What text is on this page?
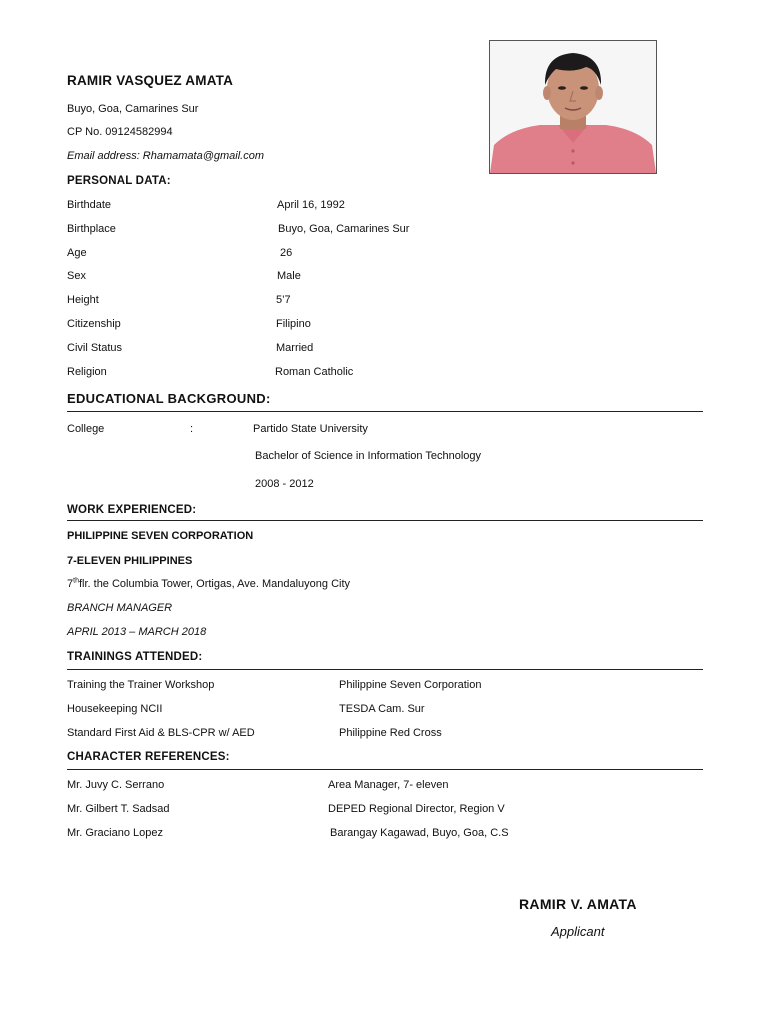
RAMIR VASQUEZ AMATA
Buyo, Goa, Camarines Sur
CP No. 09124582994
Email address: Rhamamata@gmail.com
PERSONAL DATA:
Birthdate	April 16, 1992
Birthplace	Buyo, Goa, Camarines Sur
Age	26
Sex	Male
Height	5’7
Citizenship	Filipino
Civil Status	Married
Religion	Roman Catholic
EDUCATIONAL BACKGROUND:
College	:	Partido State University
Bachelor of Science in Information Technology
2008 - 2012
WORK EXPERIENCED:
PHILIPPINE SEVEN CORPORATION
7-ELEVEN PHILIPPINES
7thflr. the Columbia Tower, Ortigas, Ave. Mandaluyong City
BRANCH MANAGER
APRIL 2013 – MARCH 2018
TRAININGS ATTENDED:
Training the Trainer Workshop	Philippine Seven Corporation
Housekeeping NCII	TESDA Cam. Sur
Standard First Aid & BLS-CPR w/ AED	Philippine Red Cross
CHARACTER REFERENCES:
Mr. Juvy C. Serrano	Area Manager, 7- eleven
Mr. Gilbert T. Sadsad	DEPED Regional Director, Region V
Mr. Graciano Lopez	Barangay Kagawad, Buyo, Goa, C.S
RAMIR V. AMATA
Applicant
